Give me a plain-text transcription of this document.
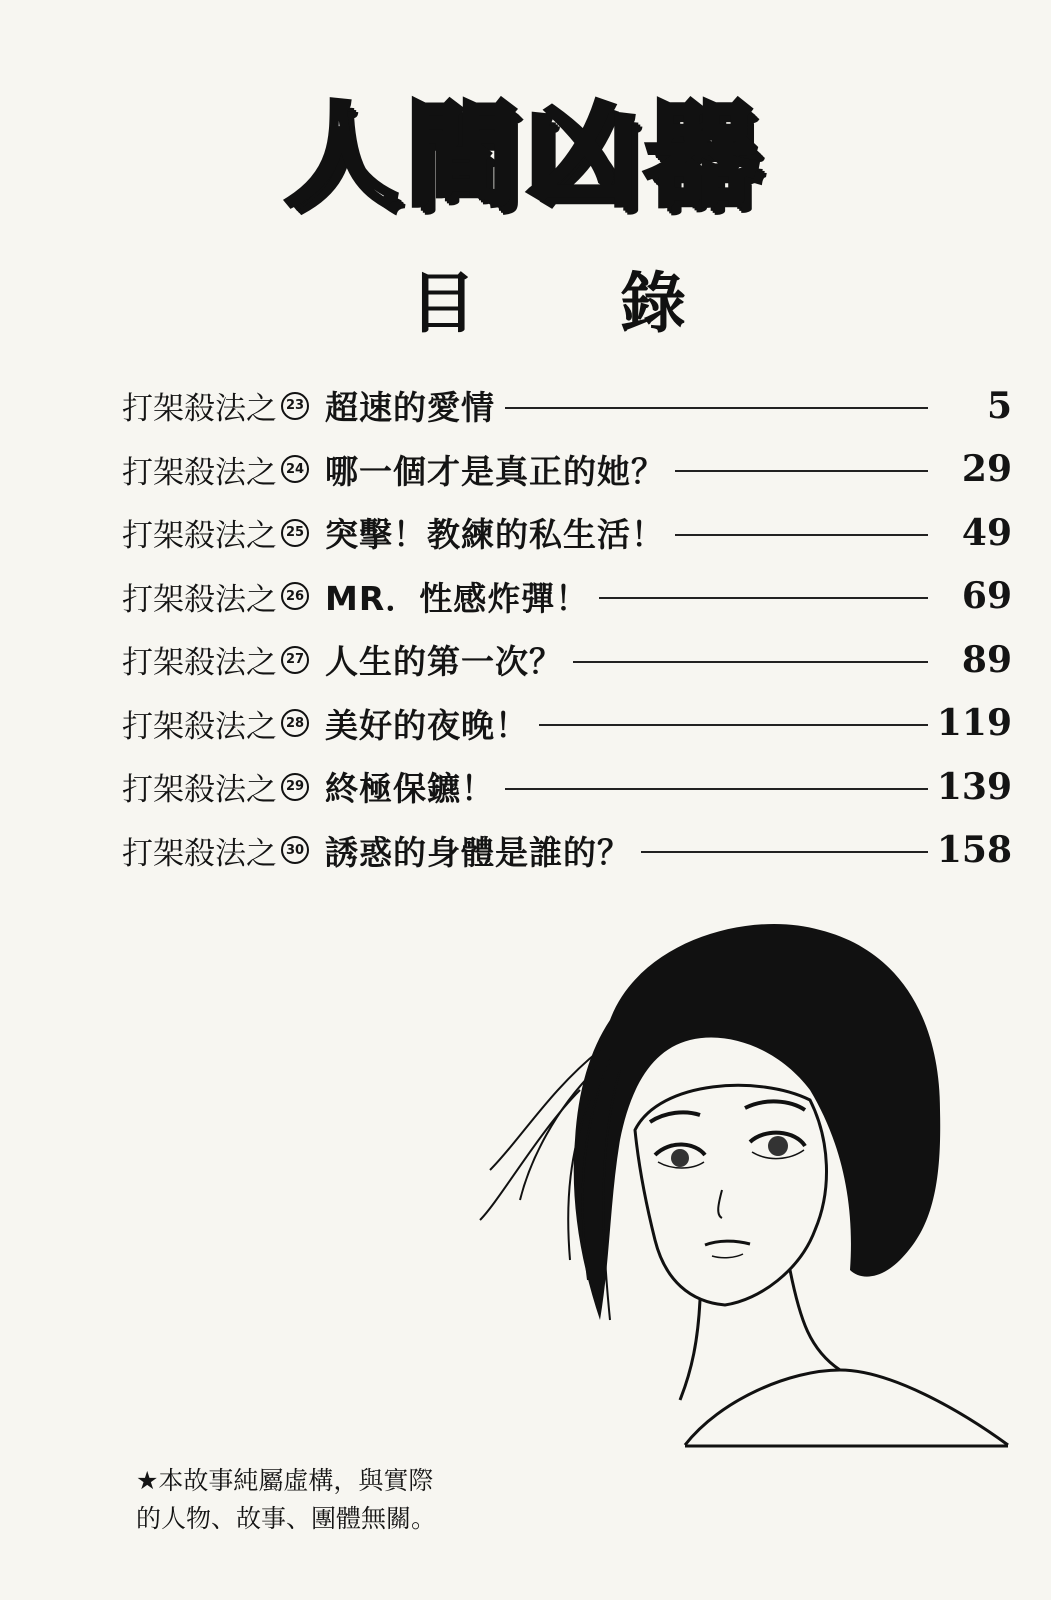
人間凶器
目 錄
打架殺法之 23 超速的愛情	5
打架殺法之 24 哪一個才是真正的她？	29
打架殺法之 25 突擊！教練的私生活！	49
打架殺法之 26 MR．性感炸彈！	69
打架殺法之 27 人生的第一次？	89
打架殺法之 28 美好的夜晚！	119
打架殺法之 29 終極保鑣！	139
打架殺法之 30 誘惑的身體是誰的？	158
★本故事純屬虛構，與實際
的人物、故事、團體無關。
